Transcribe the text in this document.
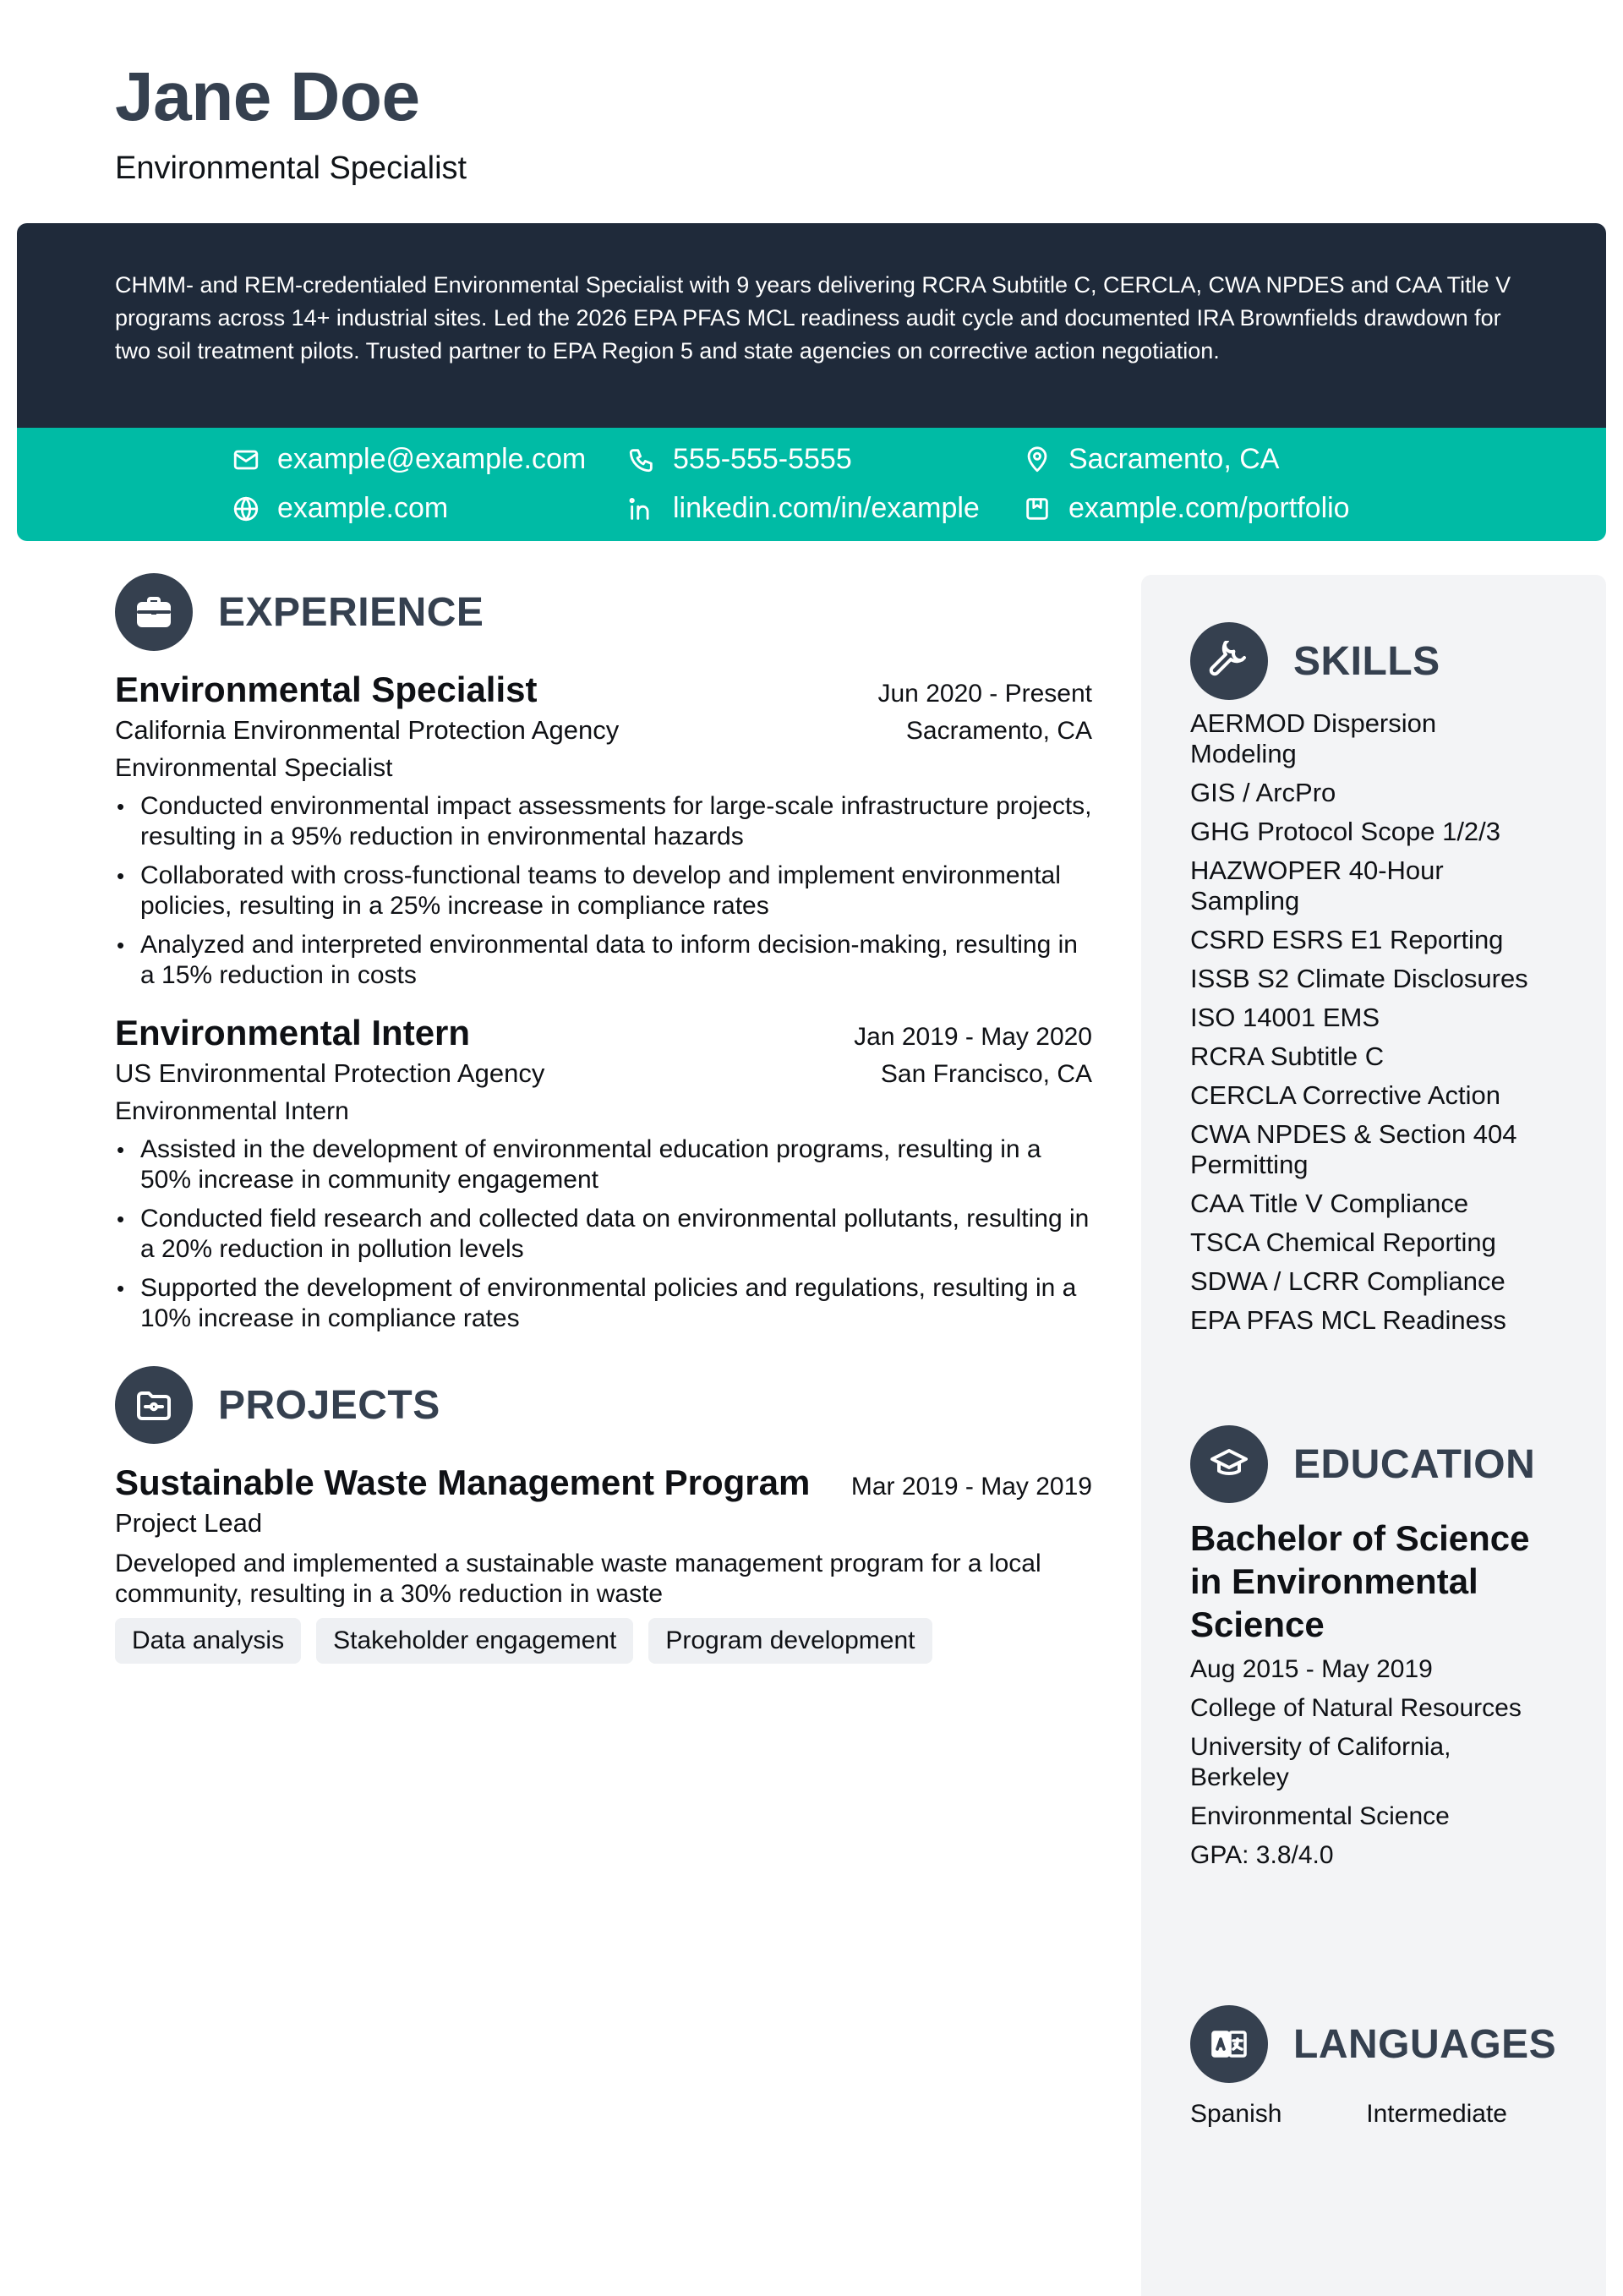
Jane Doe
Environmental Specialist

CHMM- and REM-credentialed Environmental Specialist with 9 years delivering RCRA Subtitle C, CERCLA, CWA NPDES and CAA Title V programs across 14+ industrial sites. Led the 2026 EPA PFAS MCL readiness audit cycle and documented IRA Brownfields drawdown for two soil treatment pilots. Trusted partner to EPA Region 5 and state agencies on corrective action negotiation.

example@example.com	555-555-5555	Sacramento, CA
example.com	linkedin.com/in/example	example.com/portfolio
EXPERIENCE
Environmental Specialist	Jun 2020 - Present
California Environmental Protection Agency	Sacramento, CA
Environmental Specialist
• Conducted environmental impact assessments for large-scale infrastructure projects, resulting in a 95% reduction in environmental hazards
• Collaborated with cross-functional teams to develop and implement environmental policies, resulting in a 25% increase in compliance rates
• Analyzed and interpreted environmental data to inform decision-making, resulting in a 15% reduction in costs
Environmental Intern	Jan 2019 - May 2020
US Environmental Protection Agency	San Francisco, CA
Environmental Intern
• Assisted in the development of environmental education programs, resulting in a 50% increase in community engagement
• Conducted field research and collected data on environmental pollutants, resulting in a 20% reduction in pollution levels
• Supported the development of environmental policies and regulations, resulting in a 10% increase in compliance rates
PROJECTS
Sustainable Waste Management Program Mar 2019 - May 2019
Project Lead
Developed and implemented a sustainable waste management program for a local community, resulting in a 30% reduction in waste
Data analysis	Stakeholder engagement	Program development
SKILLS
AERMOD Dispersion Modeling
GIS / ArcPro
GHG Protocol Scope 1/2/3
HAZWOPER 40-Hour Sampling
CSRD ESRS E1 Reporting
ISSB S2 Climate Disclosures
ISO 14001 EMS
RCRA Subtitle C
CERCLA Corrective Action
CWA NPDES & Section 404 Permitting
CAA Title V Compliance
TSCA Chemical Reporting
SDWA / LCRR Compliance
EPA PFAS MCL Readiness
EDUCATION
Bachelor of Science in Environmental Science
Aug 2015 - May 2019
College of Natural Resources
University of California, Berkeley
Environmental Science
GPA: 3.8/4.0
LANGUAGES
Spanish	Intermediate
